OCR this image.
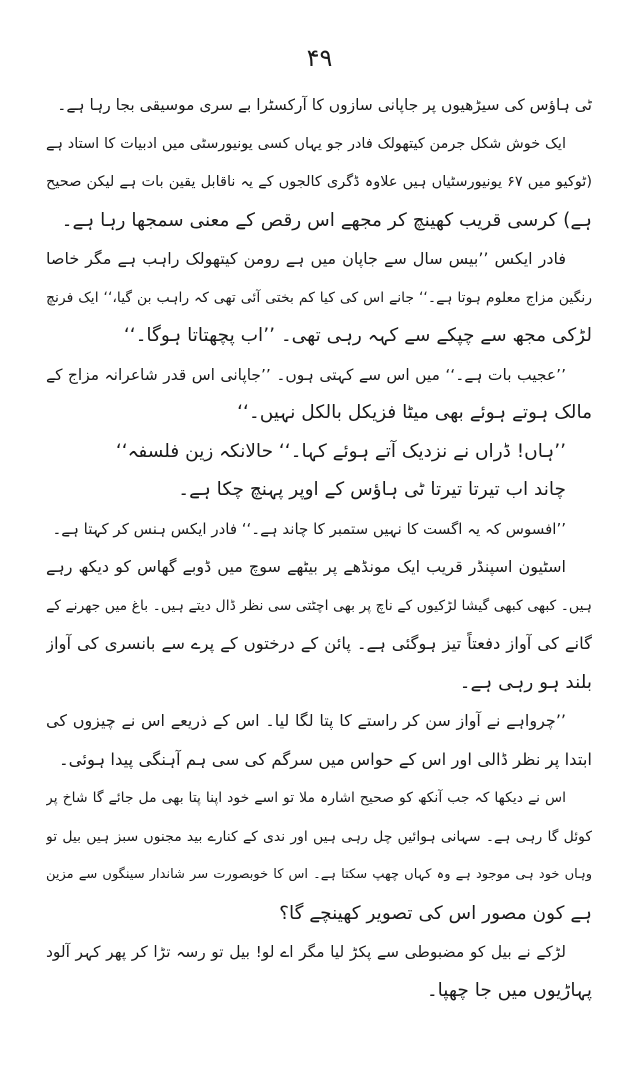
۴۹
ٹی ہاؤس کی سیڑھیوں پر جاپانی سازوں کا آرکسٹرا بے سری موسیقی بجا رہا ہے۔
ایک خوش شکل جرمن کیتھولک فادر جو یہاں کسی یونیورسٹی میں ادبیات کا استاد ہے
(ٹوکیو میں ۶۷ یونیورسٹیاں ہیں علاوہ ڈگری کالجوں کے یہ ناقابل یقین بات ہے لیکن صحیح
ہے) کرسی قریب کھینچ کر مجھے اس رقص کے معنی سمجھا رہا ہے۔
فادر ایکس ’’بیس سال سے جاپان میں ہے رومن کیتھولک راہب ہے مگر خاصا
رنگین مزاج معلوم ہوتا ہے۔‘‘ جانے اس کی کیا کم بختی آئی تھی کہ راہب بن گیا،‘‘ ایک فرنچ
لڑکی مجھ سے چپکے سے کہہ رہی تھی۔ ’’اب پچھتاتا ہوگا۔‘‘
’’عجیب بات ہے۔‘‘ میں اس سے کہتی ہوں۔ ’’جاپانی اس قدر شاعرانہ مزاج کے
مالک ہوتے ہوئے بھی میٹا فزیکل بالکل نہیں۔‘‘
’’ہاں! ڈراں نے نزدیک آتے ہوئے کہا۔‘‘ حالانکہ زین فلسفہ‘‘
چاند اب تیرتا تیرتا ٹی ہاؤس کے اوپر پہنچ چکا ہے۔
’’افسوس کہ یہ اگست کا نہیں ستمبر کا چاند ہے۔‘‘ فادر ایکس ہنس کر کہتا ہے۔
اسٹیون اسپنڈر قریب ایک مونڈھے پر بیٹھے سوچ میں ڈوبے گھاس کو دیکھ رہے
ہیں۔ کبھی کبھی گیشا لڑکیوں کے ناچ پر بھی اچٹتی سی نظر ڈال دیتے ہیں۔ باغ میں جھرنے کے
گانے کی آواز دفعتاً تیز ہوگئی ہے۔ پائن کے درختوں کے پرے سے بانسری کی آواز
بلند ہو رہی ہے۔
’’چرواہے نے آواز سن کر راستے کا پتا لگا لیا۔ اس کے ذریعے اس نے چیزوں کی
ابتدا پر نظر ڈالی اور اس کے حواس میں سرگم کی سی ہم آہنگی پیدا ہوئی۔
اس نے دیکھا کہ جب آنکھ کو صحیح اشارہ ملا تو اسے خود اپنا پتا بھی مل جائے گا شاخ پر
کوئل گا رہی ہے۔ سہانی ہوائیں چل رہی ہیں اور ندی کے کنارے بید مجنوں سبز ہیں بیل تو
وہاں خود ہی موجود ہے وہ کہاں چھپ سکتا ہے۔ اس کا خوبصورت سر شاندار سینگوں سے مزین
ہے کون مصور اس کی تصویر کھینچے گا؟
لڑکے نے بیل کو مضبوطی سے پکڑ لیا مگر اے لو! بیل تو رسہ تڑا کر پھر کہر آلود
پہاڑیوں میں جا چھپا۔
